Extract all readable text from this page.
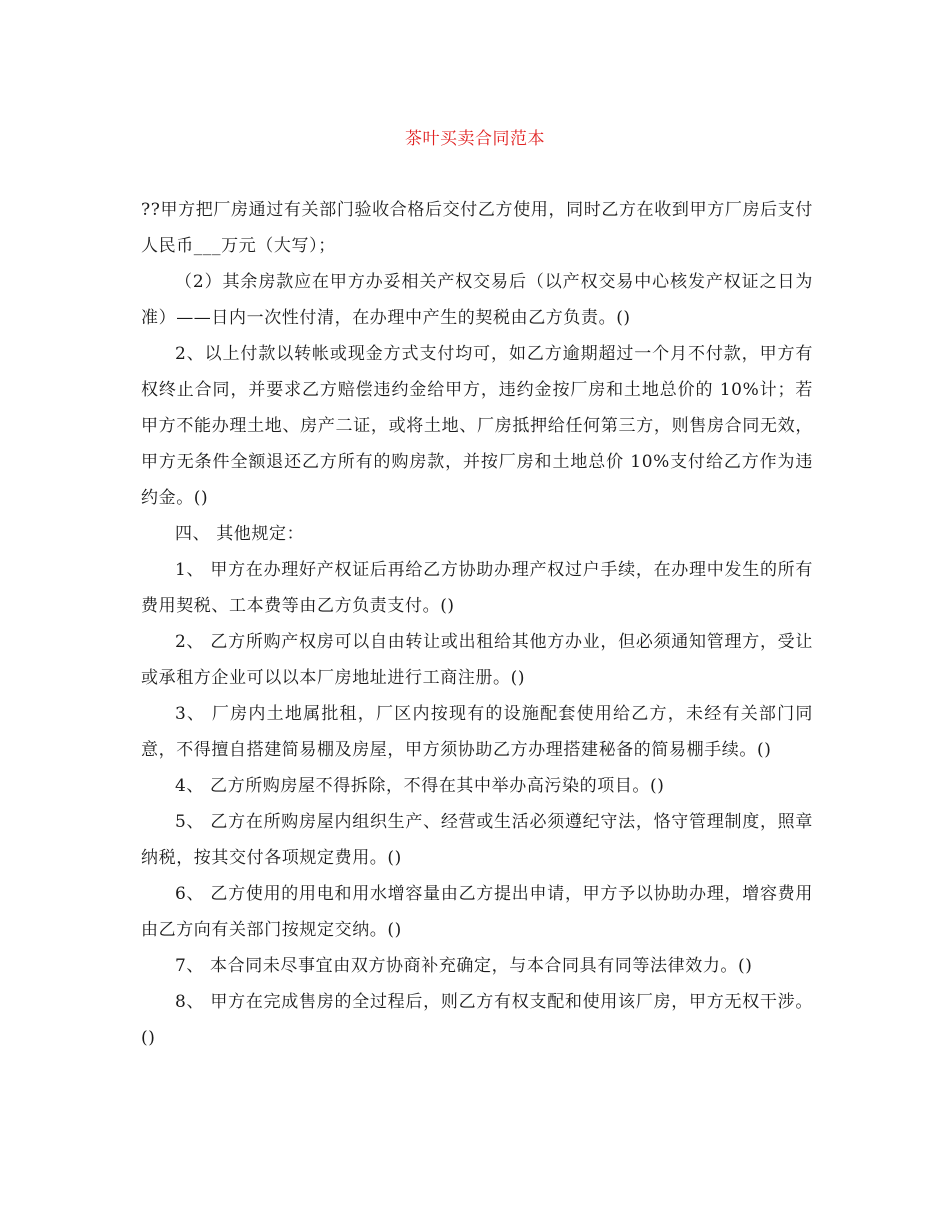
茶叶买卖合同范本

??甲方把厂房通过有关部门验收合格后交付乙方使用，同时乙方在收到甲方厂房后支付人民币___万元（大写）；

（2）其余房款应在甲方办妥相关产权交易后（以产权交易中心核发产权证之日为准）——日内一次性付清，在办理中产生的契税由乙方负责。()

2、以上付款以转帐或现金方式支付均可，如乙方逾期超过一个月不付款，甲方有权终止合同，并要求乙方赔偿违约金给甲方，违约金按厂房和土地总价的 10%计；若甲方不能办理土地、房产二证，或将土地、厂房抵押给任何第三方，则售房合同无效，甲方无条件全额退还乙方所有的购房款，并按厂房和土地总价 10%支付给乙方作为违约金。()

四、 其他规定：

1、 甲方在办理好产权证后再给乙方协助办理产权过户手续，在办理中发生的所有费用契税、工本费等由乙方负责支付。()

2、 乙方所购产权房可以自由转让或出租给其他方办业，但必须通知管理方，受让或承租方企业可以以本厂房地址进行工商注册。()

3、 厂房内土地属批租，厂区内按现有的设施配套使用给乙方，未经有关部门同意，不得擅自搭建简易棚及房屋，甲方须协助乙方办理搭建秘备的简易棚手续。()

4、 乙方所购房屋不得拆除，不得在其中举办高污染的项目。()

5、 乙方在所购房屋内组织生产、经营或生活必须遵纪守法，恪守管理制度，照章纳税，按其交付各项规定费用。()

6、 乙方使用的用电和用水增容量由乙方提出申请，甲方予以协助办理，增容费用由乙方向有关部门按规定交纳。()

7、 本合同未尽事宜由双方协商补充确定，与本合同具有同等法律效力。()

8、 甲方在完成售房的全过程后，则乙方有权支配和使用该厂房，甲方无权干涉。()
